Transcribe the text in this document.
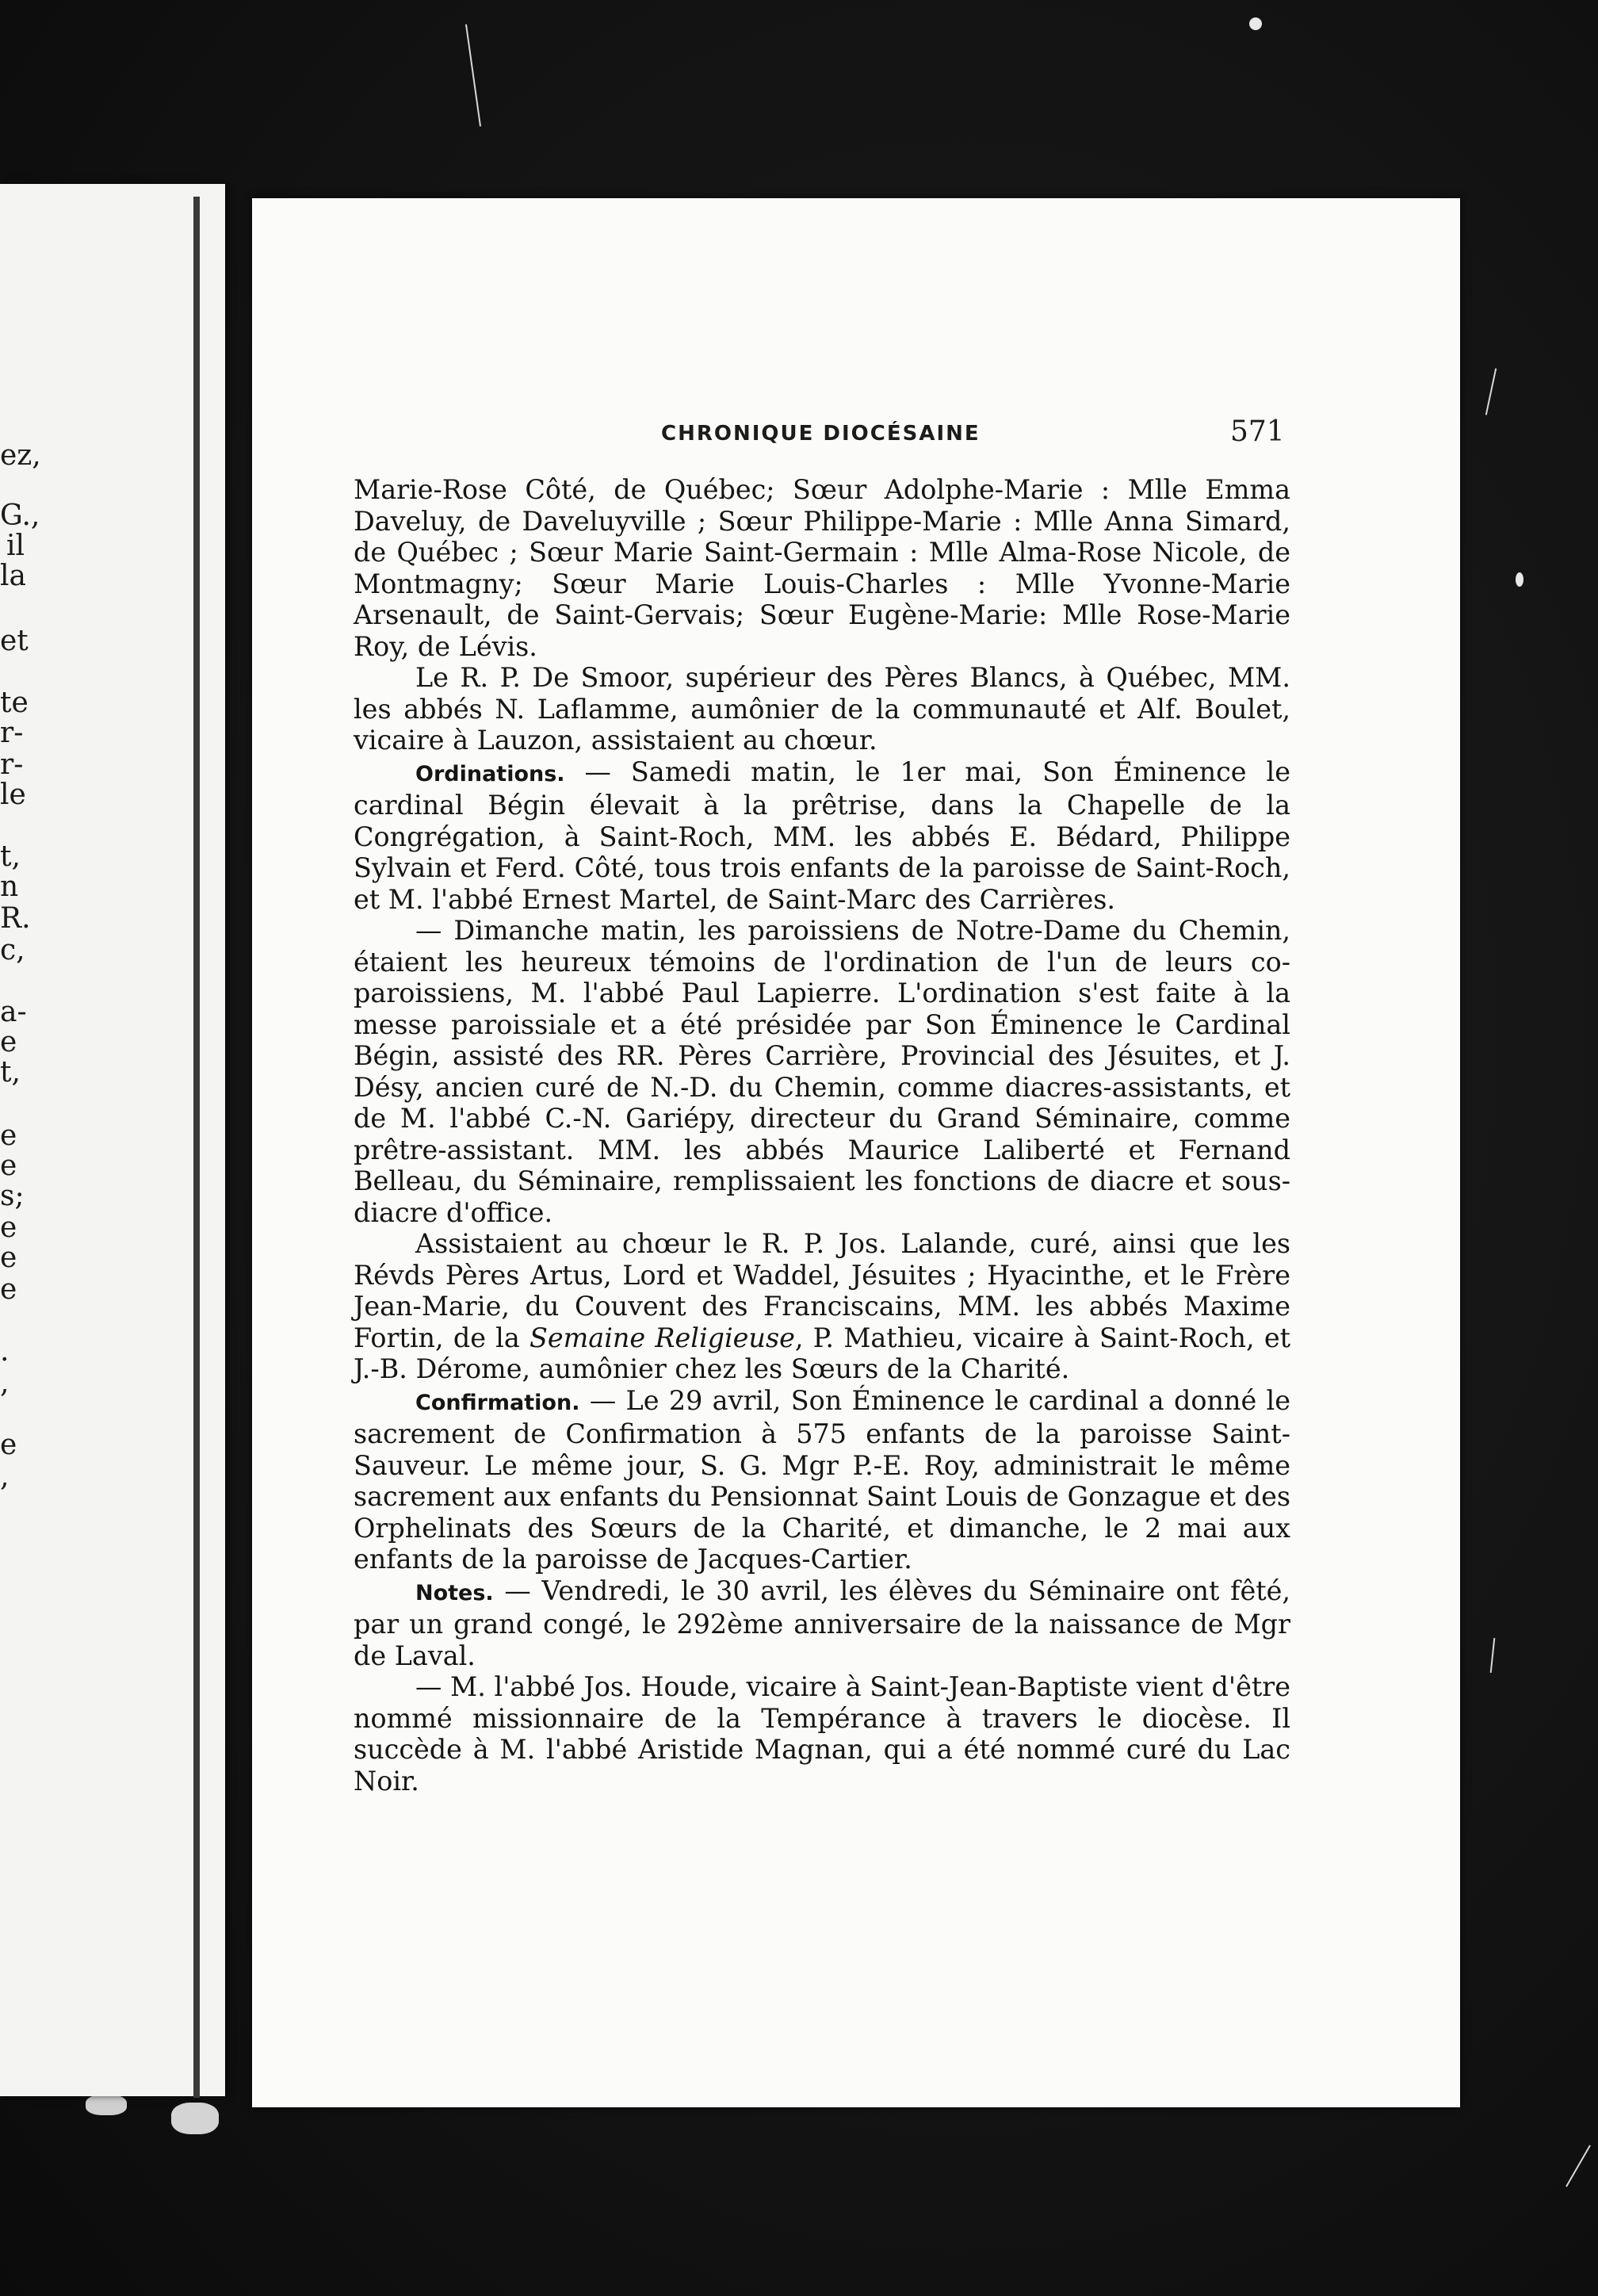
ez,
G.,
il
la
et
te
r-
r-
le
t,
n
R.
c,
a-
e
t,
e
e
s;
e
e
e
.
,
e
,
CHRONIQUE DIOCÉSAINE	571

Marie-Rose Côté, de Québec; Sœur Adolphe-Marie : Mlle Emma Daveluy, de Daveluyville ; Sœur Philippe-Marie : Mlle Anna Simard, de Québec ; Sœur Marie Saint-Germain : Mlle Alma-Rose Nicole, de Montmagny; Sœur Marie Louis-Charles : Mlle Yvonne-Marie Arsenault, de Saint-Gervais; Sœur Eugène-Marie: Mlle Rose-Marie Roy, de Lévis.

Le R. P. De Smoor, supérieur des Pères Blancs, à Québec, MM. les abbés N. Laflamme, aumônier de la communauté et Alf. Boulet, vicaire à Lauzon, assistaient au chœur.

Ordinations. — Samedi matin, le 1er mai, Son Éminence le cardinal Bégin élevait à la prêtrise, dans la Chapelle de la Congrégation, à Saint-Roch, MM. les abbés E. Bédard, Philippe Sylvain et Ferd. Côté, tous trois enfants de la paroisse de Saint-Roch, et M. l'abbé Ernest Martel, de Saint-Marc des Carrières.

— Dimanche matin, les paroissiens de Notre-Dame du Chemin, étaient les heureux témoins de l'ordination de l'un de leurs co-paroissiens, M. l'abbé Paul Lapierre. L'ordination s'est faite à la messe paroissiale et a été présidée par Son Éminence le Cardinal Bégin, assisté des RR. Pères Carrière, Provincial des Jésuites, et J. Désy, ancien curé de N.-D. du Chemin, comme diacres-assistants, et de M. l'abbé C.-N. Gariépy, directeur du Grand Séminaire, comme prêtre-assistant. MM. les abbés Maurice Laliberté et Fernand Belleau, du Séminaire, remplissaient les fonctions de diacre et sous-diacre d'office.

Assistaient au chœur le R. P. Jos. Lalande, curé, ainsi que les Révds Pères Artus, Lord et Waddel, Jésuites ; Hyacinthe, et le Frère Jean-Marie, du Couvent des Franciscains, MM. les abbés Maxime Fortin, de la Semaine Religieuse, P. Mathieu, vicaire à Saint-Roch, et J.-B. Dérome, aumônier chez les Sœurs de la Charité.

Confirmation. — Le 29 avril, Son Éminence le cardinal a donné le sacrement de Confirmation à 575 enfants de la paroisse Saint-Sauveur. Le même jour, S. G. Mgr P.-E. Roy, administrait le même sacrement aux enfants du Pensionnat Saint Louis de Gonzague et des Orphelinats des Sœurs de la Charité, et dimanche, le 2 mai aux enfants de la paroisse de Jacques-Cartier.

Notes. — Vendredi, le 30 avril, les élèves du Séminaire ont fêté, par un grand congé, le 292ème anniversaire de la naissance de Mgr de Laval.

— M. l'abbé Jos. Houde, vicaire à Saint-Jean-Baptiste vient d'être nommé missionnaire de la Tempérance à travers le diocèse. Il succède à M. l'abbé Aristide Magnan, qui a été nommé curé du Lac Noir.
